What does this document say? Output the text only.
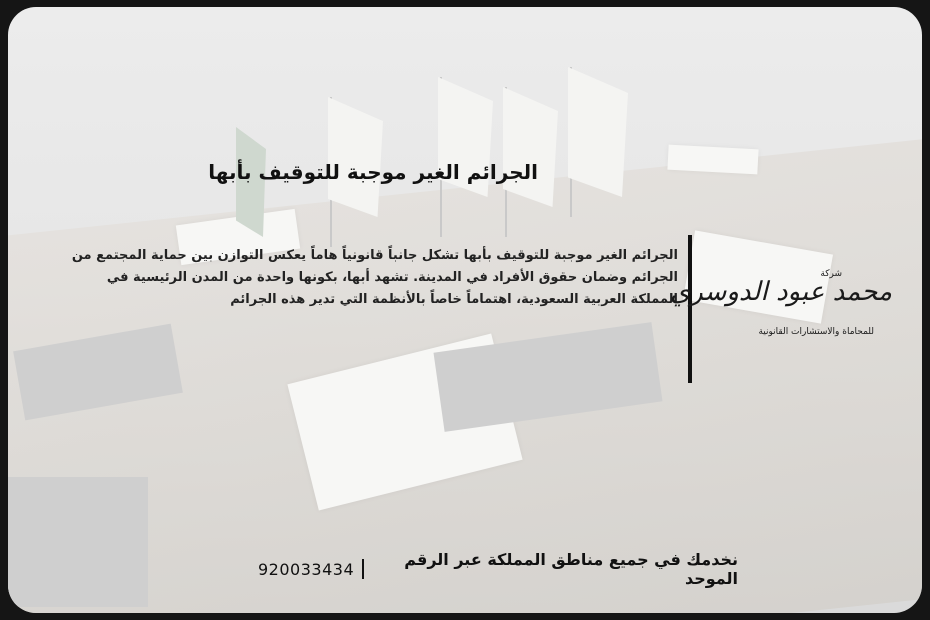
الجرائم الغير موجبة للتوقيف بأبها
الجرائم الغير موجبة للتوقيف بأبها تشكل جانباً قانونياً هاماً يعكس التوازن بين حماية المجتمع من الجرائم وضمان حقوق الأفراد في المدينة. تشهد أبها، بكونها واحدة من المدن الرئيسية في المملكة العربية السعودية، اهتماماً خاصاً بالأنظمة التي تدير هذه الجرائم
شركة
محمد عبود الدوسري
للمحاماة والاستشارات القانونية
920033434	نخدمك في جميع مناطق المملكة عبر الرقم الموحد
